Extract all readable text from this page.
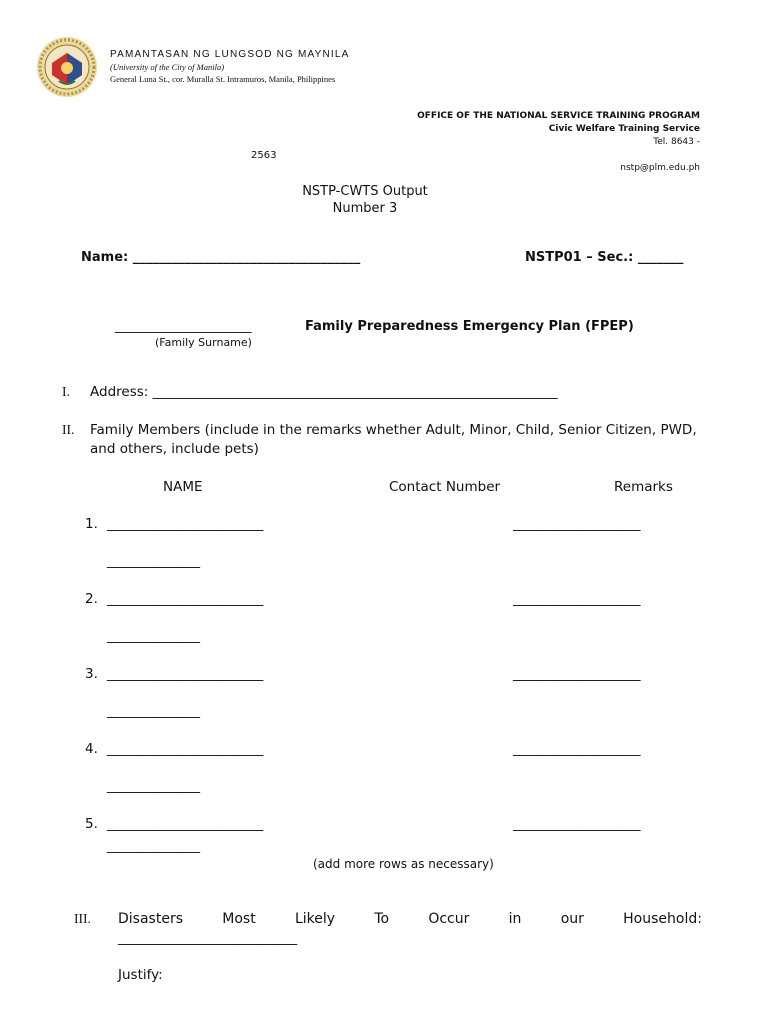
PAMANTASAN NG LUNGSOD NG MAYNILA
(University of the City of Manila)
General Luna St., cor. Muralla St. Intramuros, Manila, Philippines
OFFICE OF THE NATIONAL SERVICE TRAINING PROGRAM
Civic Welfare Training Service
Tel. 8643 -
2563
nstp@plm.edu.ph
NSTP-CWTS Output
Number 3
Name: ___________________________________	NSTP01 – Sec.: _______
_____________________	Family Preparedness Emergency Plan (FPEP)
(Family Surname)
I. Address: ____________________________________________________________
II. Family Members (include in the remarks whether Adult, Minor, Child, Senior Citizen, PWD,
and others, include pets)
NAME	Contact Number	Remarks
1. ___________________________	______________________
________________
2. ___________________________	______________________
________________
3. ___________________________	______________________
________________
4. ___________________________	______________________
________________
5. ___________________________	______________________
________________
(add more rows as necessary)
III. Disasters	Most	Likely	To	Occur	in	our	Household:
_______________________________
Justify:
